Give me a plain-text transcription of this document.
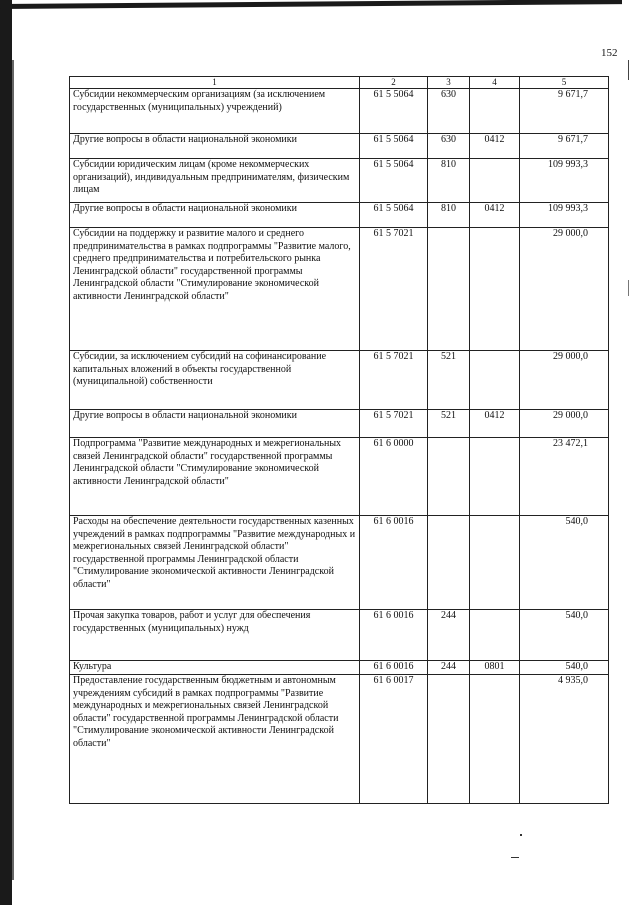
152
1	2	3	4	5
Субсидии некоммерческим организациям (за исключением государственных (муниципальных) учреждений)	61 5 5064	630		9 671,7
Другие вопросы в области национальной экономики	61 5 5064	630	0412	9 671,7
Субсидии юридическим лицам (кроме некоммерческих организаций), индивидуальным предпринимателям, физическим лицам	61 5 5064	810		109 993,3
Другие вопросы в области национальной экономики	61 5 5064	810	0412	109 993,3
Субсидии на поддержку и развитие малого и среднего предпринимательства в рамках подпрограммы "Развитие малого, среднего предпринимательства и потребительского рынка Ленинградской области" государственной программы Ленинградской области "Стимулирование экономической активности Ленинградской области"	61 5 7021			29 000,0
Субсидии, за исключением субсидий на софинансирование капитальных вложений в объекты государственной (муниципальной) собственности	61 5 7021	521		29 000,0
Другие вопросы в области национальной экономики	61 5 7021	521	0412	29 000,0
Подпрограмма "Развитие международных и межрегиональных связей Ленинградской области" государственной программы Ленинградской области "Стимулирование экономической активности Ленинградской области"	61 6 0000			23 472,1
Расходы на обеспечение деятельности государственных казенных учреждений в рамках подпрограммы "Развитие международных и межрегиональных связей Ленинградской области" государственной программы Ленинградской области "Стимулирование экономической активности Ленинградской области"	61 6 0016			540,0
Прочая закупка товаров, работ и услуг для обеспечения государственных (муниципальных) нужд	61 6 0016	244		540,0
Культура	61 6 0016	244	0801	540,0
Предоставление государственным бюджетным и автономным учреждениям субсидий в рамках подпрограммы "Развитие международных и межрегиональных связей Ленинградской области" государственной программы Ленинградской области "Стимулирование экономической активности Ленинградской области"	61 6 0017			4 935,0
